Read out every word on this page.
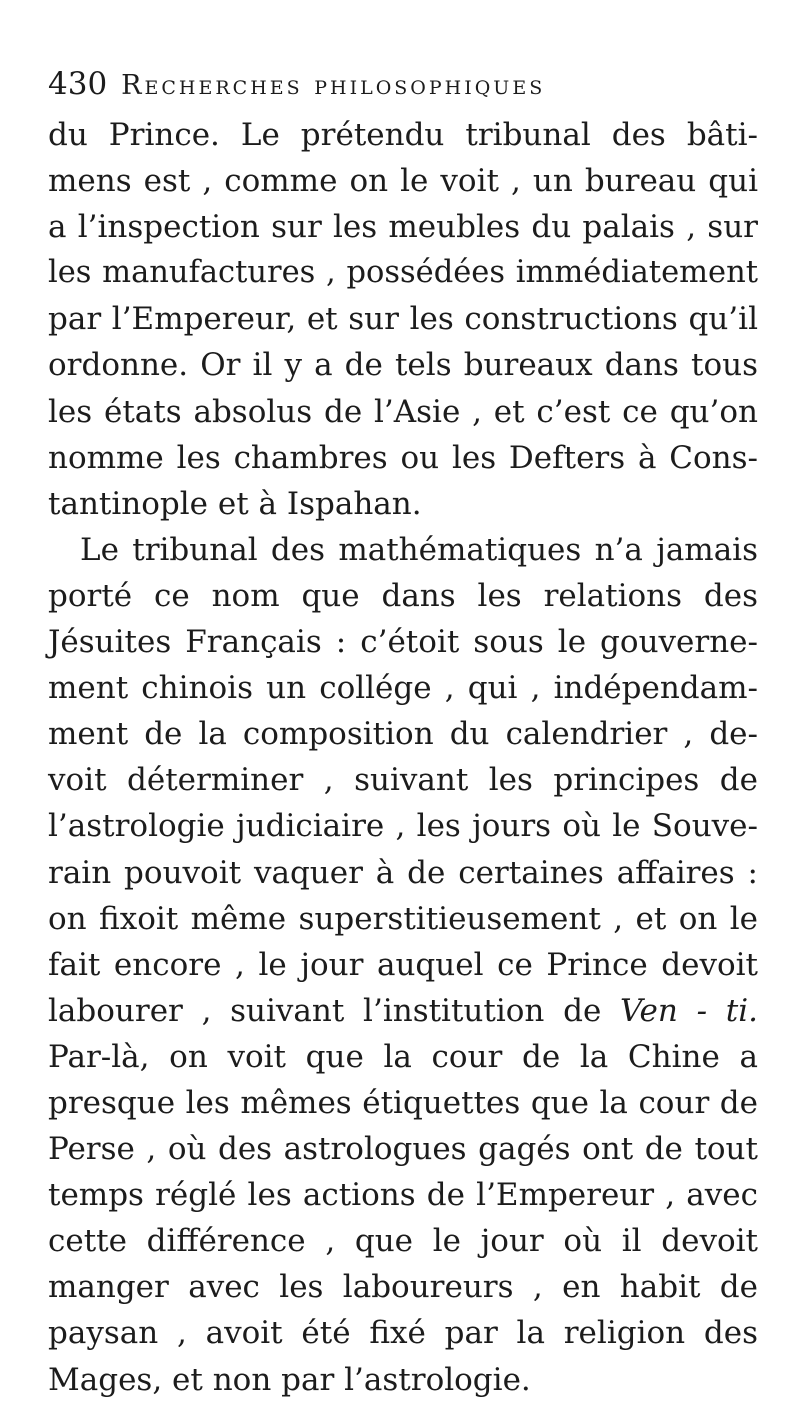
430 Recherches philosophiques
du Prince. Le prétendu tribunal des bâti-
mens est , comme on le voit , un bureau qui
a l’inspection sur les meubles du palais , sur
les manufactures , possédées immédiatement
par l’Empereur, et sur les constructions qu’il
ordonne. Or il y a de tels bureaux dans tous
les états absolus de l’Asie , et c’est ce qu’on
nomme les chambres ou les Defters à Cons-
tantinople et à Ispahan.
Le tribunal des mathématiques n’a jamais
porté ce nom que dans les relations des
Jésuites Français : c’étoit sous le gouverne-
ment chinois un collége , qui , indépendam-
ment de la composition du calendrier , de-
voit déterminer , suivant les principes de
l’astrologie judiciaire , les jours où le Souve-
rain pouvoit vaquer à de certaines affaires :
on fixoit même superstitieusement , et on le
fait encore , le jour auquel ce Prince devoit
labourer , suivant l’institution de Ven - ti.
Par-là, on voit que la cour de la Chine a
presque les mêmes étiquettes que la cour de
Perse , où des astrologues gagés ont de tout
temps réglé les actions de l’Empereur , avec
cette différence , que le jour où il devoit
manger avec les laboureurs , en habit de
paysan , avoit été fixé par la religion des
Mages, et non par l’astrologie.
